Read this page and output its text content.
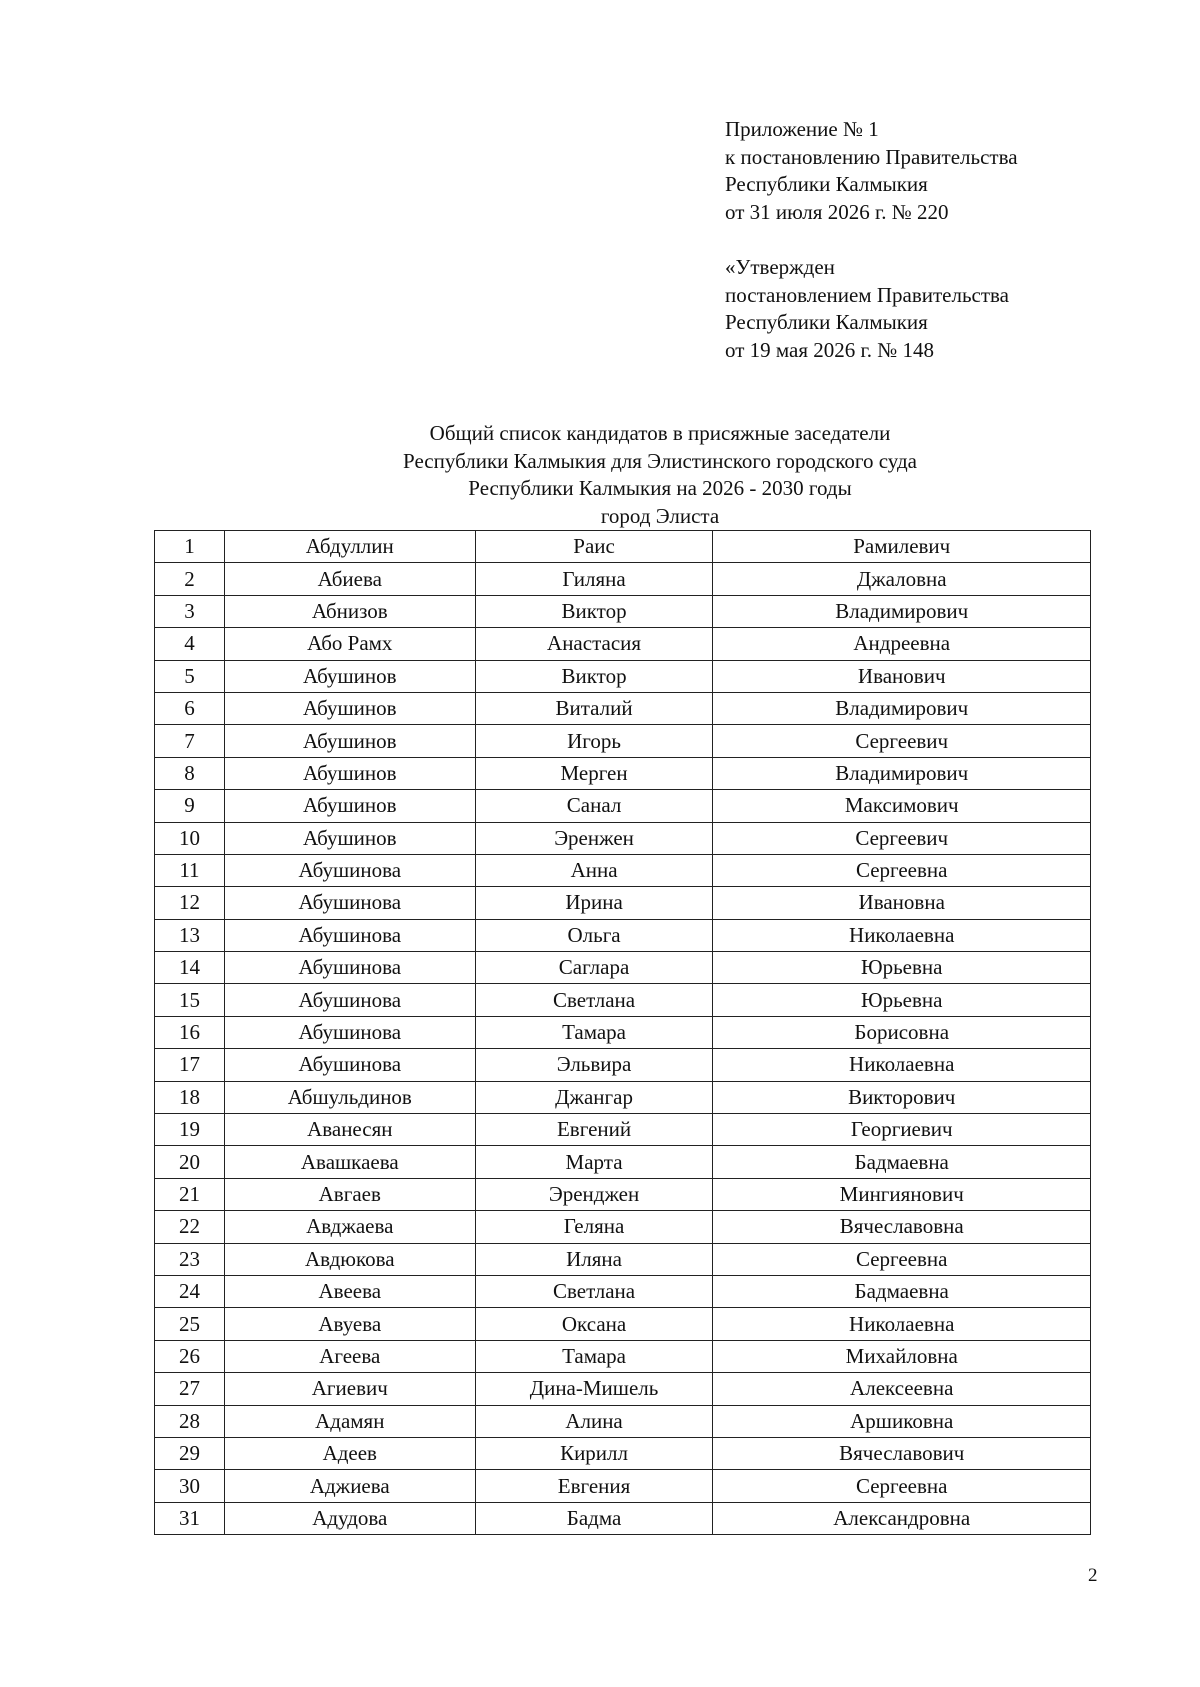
Приложение № 1
к постановлению Правительства
Республики Калмыкия
от 31 июля 2026 г. № 220
«Утвержден
постановлением Правительства
Республики Калмыкия
от 19 мая 2026 г. № 148
Общий список кандидатов в присяжные заседатели
Республики Калмыкия для Элистинского городского суда
Республики Калмыкия на 2026 - 2030 годы
город Элиста
1	Абдуллин	Раис	Рамилевич
2	Абиева	Гиляна	Джаловна
3	Абнизов	Виктор	Владимирович
4	Або Рамх	Анастасия	Андреевна
5	Абушинов	Виктор	Иванович
6	Абушинов	Виталий	Владимирович
7	Абушинов	Игорь	Сергеевич
8	Абушинов	Мерген	Владимирович
9	Абушинов	Санал	Максимович
10	Абушинов	Эренжен	Сергеевич
11	Абушинова	Анна	Сергеевна
12	Абушинова	Ирина	Ивановна
13	Абушинова	Ольга	Николаевна
14	Абушинова	Саглара	Юрьевна
15	Абушинова	Светлана	Юрьевна
16	Абушинова	Тамара	Борисовна
17	Абушинова	Эльвира	Николаевна
18	Абшульдинов	Джангар	Викторович
19	Аванесян	Евгений	Георгиевич
20	Авашкаева	Марта	Бадмаевна
21	Авгаев	Эренджен	Мингиянович
22	Авджаева	Геляна	Вячеславовна
23	Авдюкова	Иляна	Сергеевна
24	Авеева	Светлана	Бадмаевна
25	Авуева	Оксана	Николаевна
26	Агеева	Тамара	Михайловна
27	Агиевич	Дина-Мишель	Алексеевна
28	Адамян	Алина	Аршиковна
29	Адеев	Кирилл	Вячеславович
30	Аджиева	Евгения	Сергеевна
31	Адудова	Бадма	Александровна
2
